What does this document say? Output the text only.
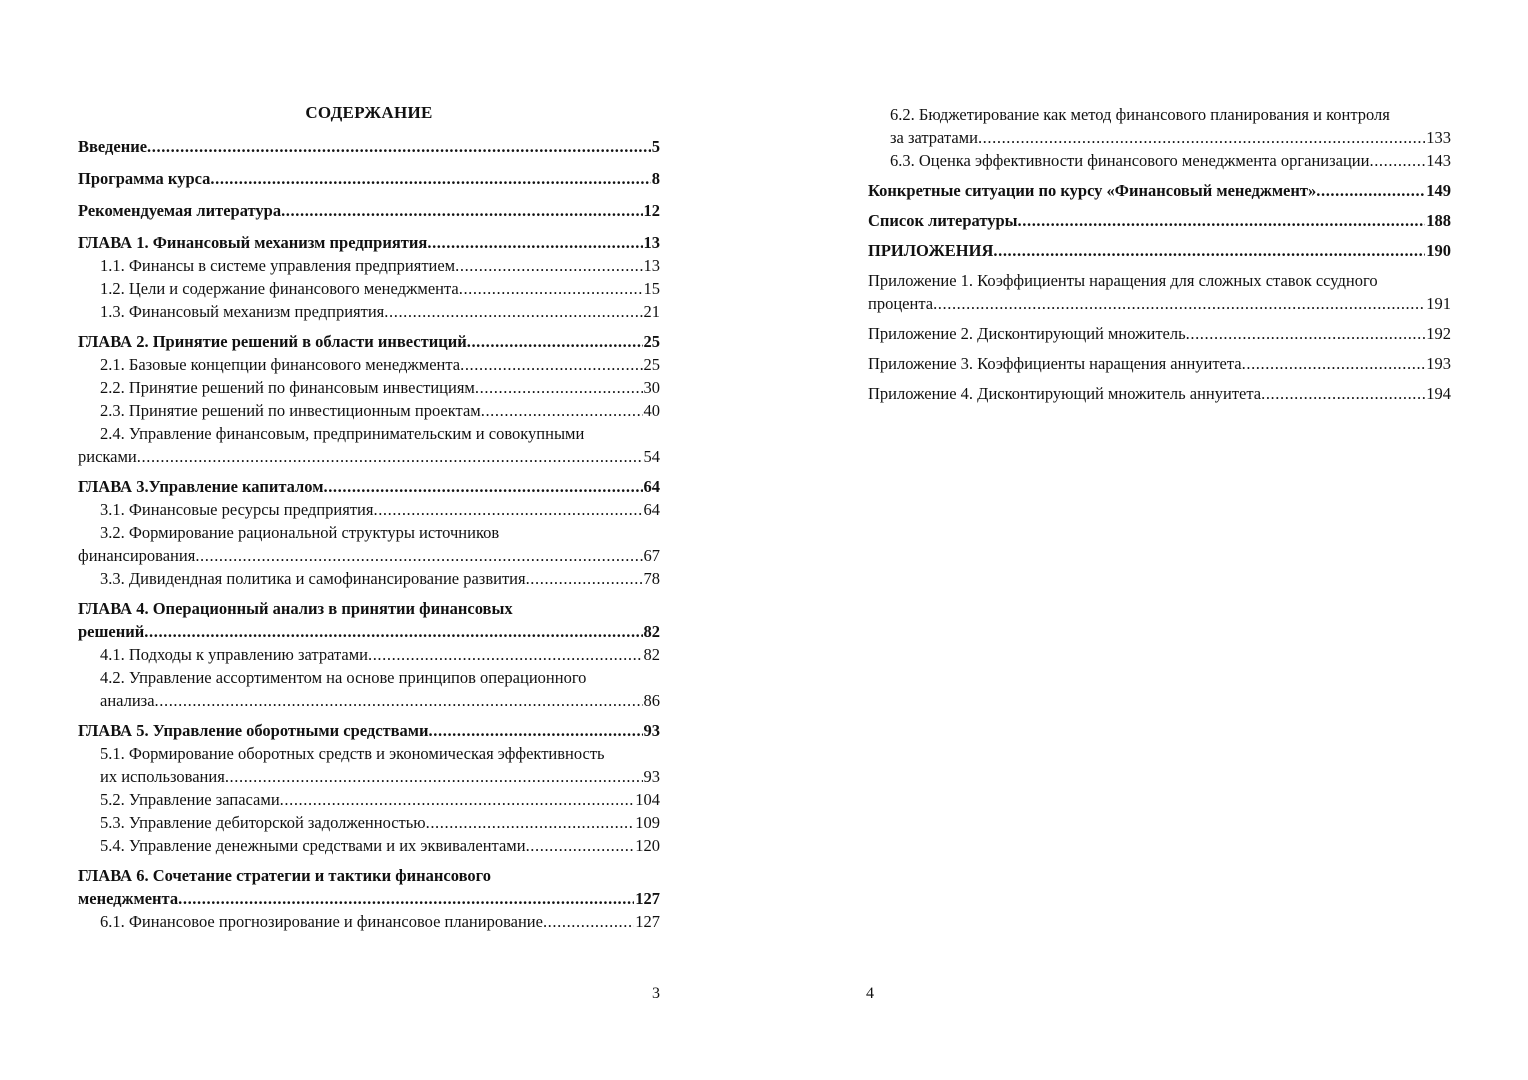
СОДЕРЖАНИЕ
Введение .....	5
Программа курса .....	8
Рекомендуемая литература .....	12
ГЛАВА 1. Финансовый механизм предприятия .....	13
1.1. Финансы в системе управления предприятием .....	13
1.2. Цели и содержание финансового менеджмента .....	15
1.3. Финансовый механизм предприятия .....	21
ГЛАВА 2. Принятие решений в области инвестиций .....	25
2.1. Базовые концепции финансового менеджмента .....	25
2.2. Принятие решений по финансовым инвестициям .....	30
2.3. Принятие решений по инвестиционным проектам .....	40
2.4. Управление финансовым, предпринимательским и совокупными
рисками .....	54
ГЛАВА 3.Управление капиталом .....	64
3.1. Финансовые ресурсы предприятия .....	64
3.2. Формирование рациональной структуры источников
финансирования .....	67
3.3. Дивидендная политика и самофинансирование развития .....	78
ГЛАВА 4. Операционный анализ в принятии финансовых
решений .....	82
4.1. Подходы к управлению затратами .....	82
4.2. Управление ассортиментом на основе принципов операционного
анализа .....	86
ГЛАВА 5. Управление оборотными средствами .....	93
5.1. Формирование оборотных средств и экономическая эффективность
их использования .....	93
5.2. Управление запасами .....	104
5.3. Управление дебиторской задолженностью .....	109
5.4. Управление денежными средствами и их эквивалентами .....	120
ГЛАВА 6. Сочетание стратегии и тактики финансового
менеджмента .....	127
6.1. Финансовое прогнозирование и финансовое планирование .....	127
3
6.2. Бюджетирование как метод финансового планирования и контроля
за затратами .....	133
6.3. Оценка эффективности финансового менеджмента организации .....	143
Конкретные ситуации по курсу «Финансовый менеджмент» .....	149
Список литературы .....	188
ПРИЛОЖЕНИЯ .....	190
Приложение 1. Коэффициенты наращения для сложных ставок ссудного
процента .....	191
Приложение 2. Дисконтирующий множитель .....	192
Приложение 3. Коэффициенты наращения аннуитета .....	193
Приложение 4. Дисконтирующий множитель аннуитета .....	194
4
